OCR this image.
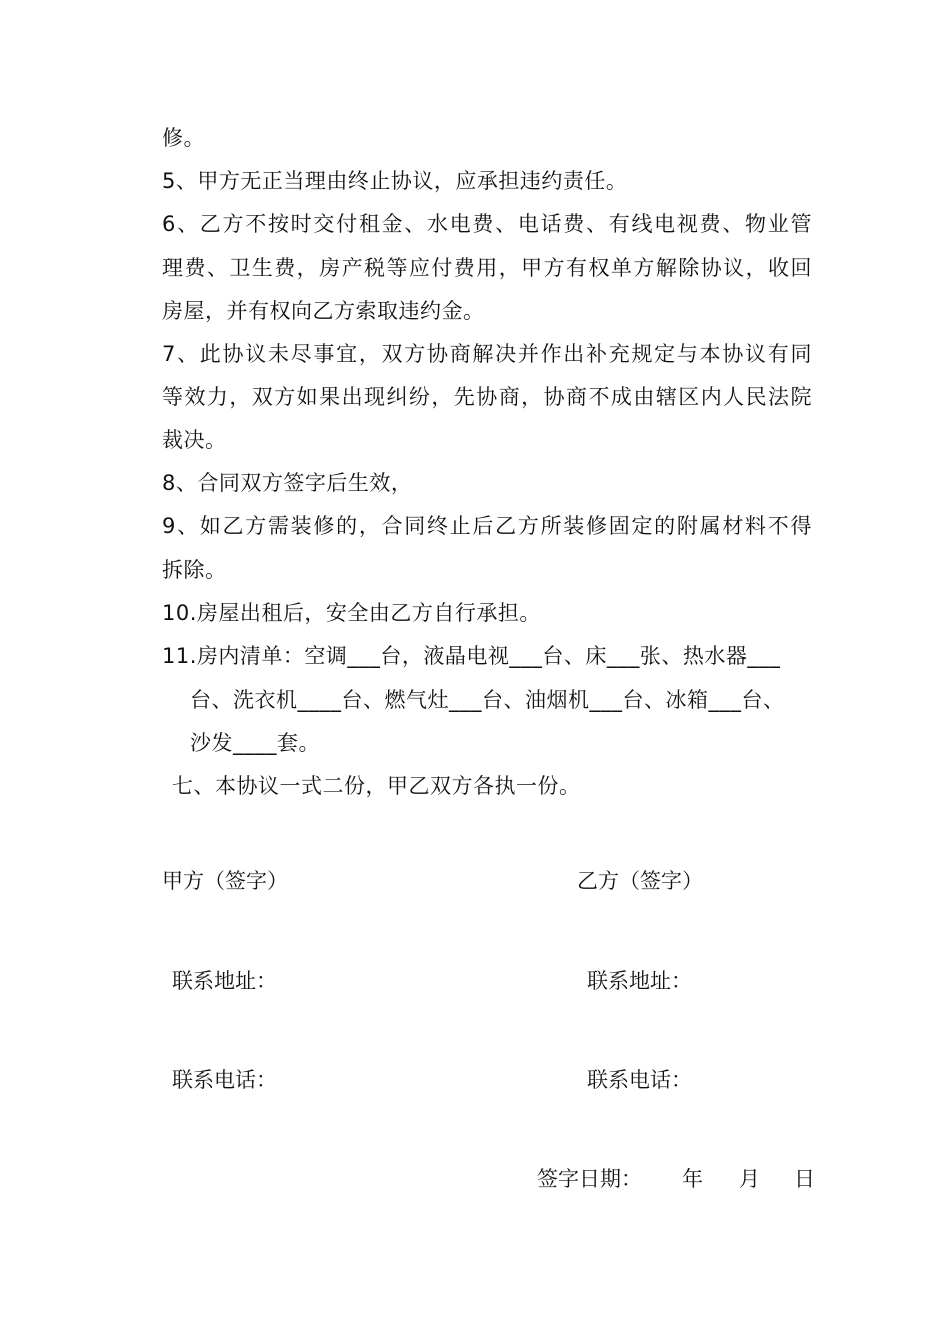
修。
5、甲方无正当理由终止协议，应承担违约责任。
6、乙方不按时交付租金、水电费、电话费、有线电视费、物业管
理费、卫生费，房产税等应付费用，甲方有权单方解除协议，收回
房屋，并有权向乙方索取违约金。
7、此协议未尽事宜，双方协商解决并作出补充规定与本协议有同
等效力，双方如果出现纠纷，先协商，协商不成由辖区内人民法院
裁决。
8、合同双方签字后生效，
9、如乙方需装修的，合同终止后乙方所装修固定的附属材料不得
拆除。
10.房屋出租后，安全由乙方自行承担。
11.房内清单：空调___台，液晶电视___台、床___张、热水器___
台、洗衣机____台、燃气灶___台、油烟机___台、冰箱___台、
沙发____套。
七、本协议一式二份，甲乙双方各执一份。
甲方（签字）	乙方（签字）
联系地址：	联系地址：
联系电话：	联系电话：
签字日期： 年 月 日
